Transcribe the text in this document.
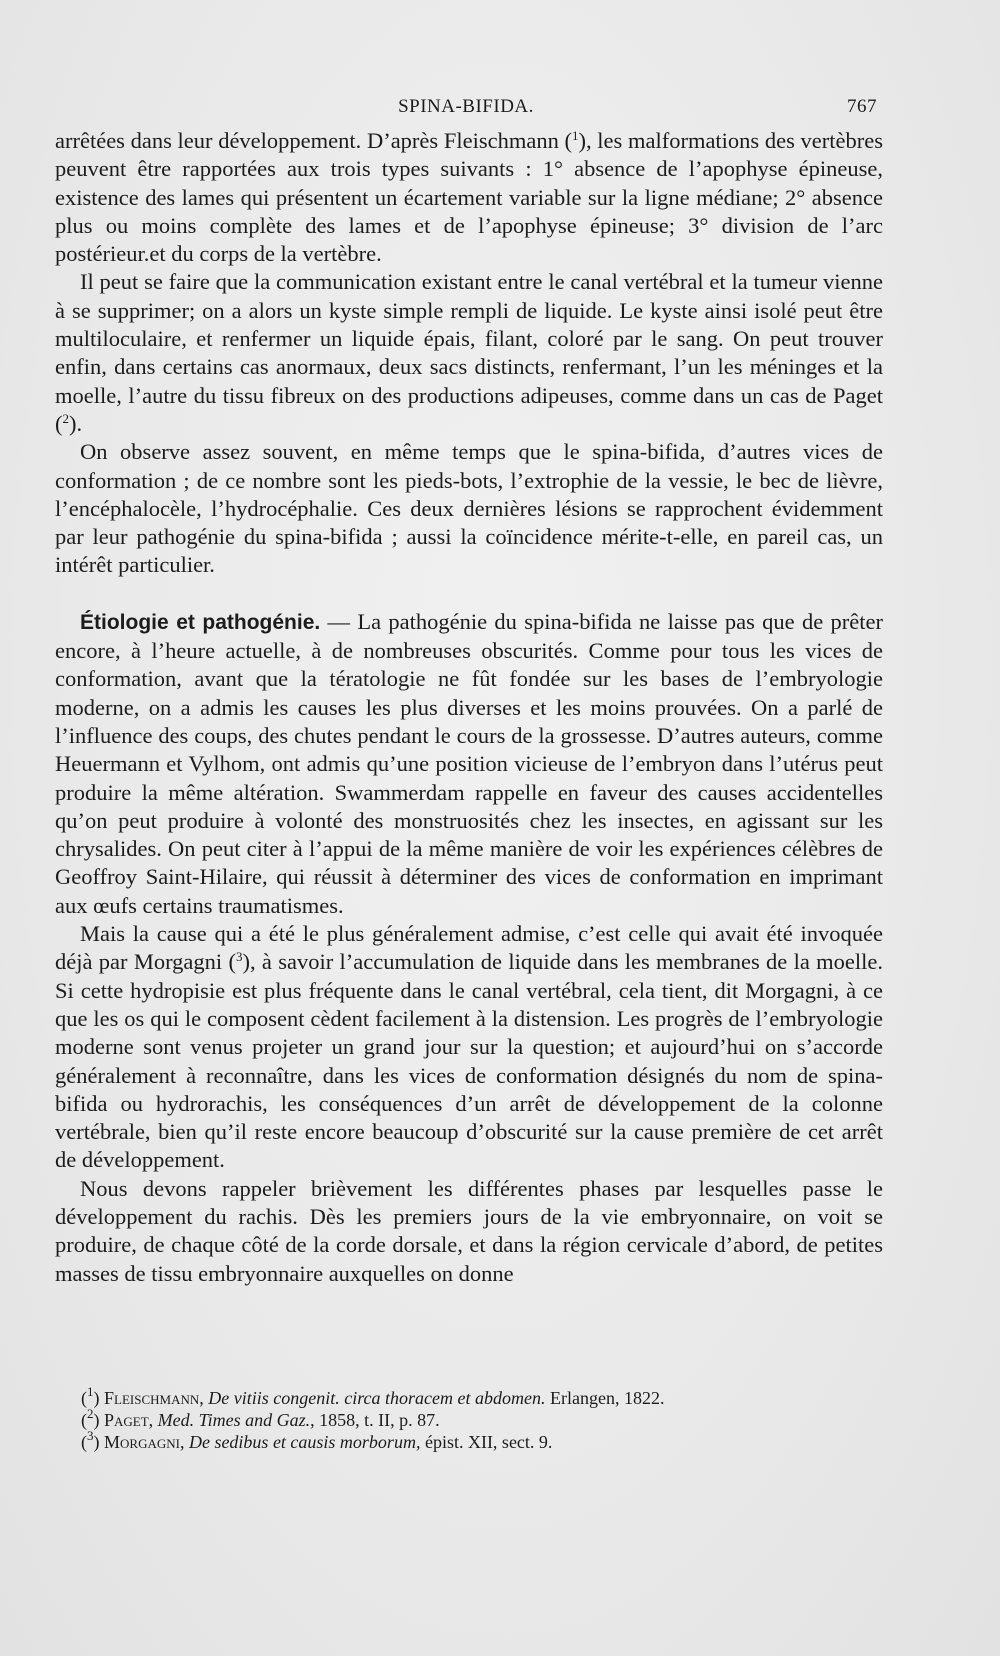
SPINA-BIFIDA.	767

arrêtées dans leur développement. D’après Fleischmann ($^1$), les malformations des vertèbres peuvent être rapportées aux trois types suivants : 1° absence de l’apophyse épineuse, existence des lames qui présentent un écartement variable sur la ligne médiane; 2° absence plus ou moins complète des lames et de l’apophyse épineuse; 3° division de l’arc postérieur.et du corps de la vertèbre.

Il peut se faire que la communication existant entre le canal vertébral et la tumeur vienne à se supprimer; on a alors un kyste simple rempli de liquide. Le kyste ainsi isolé peut être multiloculaire, et renfermer un liquide épais, filant, coloré par le sang. On peut trouver enfin, dans certains cas anormaux, deux sacs distincts, renfermant, l’un les méninges et la moelle, l’autre du tissu fibreux on des productions adipeuses, comme dans un cas de Paget ($^2$).

On observe assez souvent, en même temps que le spina-bifida, d’autres vices de conformation ; de ce nombre sont les pieds-bots, l’extrophie de la vessie, le bec de lièvre, l’encéphalocèle, l’hydrocéphalie. Ces deux dernières lésions se rapprochent évidemment par leur pathogénie du spina-bifida ; aussi la coïncidence mérite-t-elle, en pareil cas, un intérêt particulier.

Étiologie et pathogénie. — La pathogénie du spina-bifida ne laisse pas que de prêter encore, à l’heure actuelle, à de nombreuses obscurités. Comme pour tous les vices de conformation, avant que la tératologie ne fût fondée sur les bases de l’embryologie moderne, on a admis les causes les plus diverses et les moins prouvées. On a parlé de l’influence des coups, des chutes pendant le cours de la grossesse. D’autres auteurs, comme Heuermann et Vylhom, ont admis qu’une position vicieuse de l’embryon dans l’utérus peut produire la même altération. Swammerdam rappelle en faveur des causes accidentelles qu’on peut produire à volonté des monstruosités chez les insectes, en agissant sur les chrysalides. On peut citer à l’appui de la même manière de voir les expériences célèbres de Geoffroy Saint-Hilaire, qui réussit à déterminer des vices de conformation en imprimant aux œufs certains traumatismes.

Mais la cause qui a été le plus généralement admise, c’est celle qui avait été invoquée déjà par Morgagni ($^3$), à savoir l’accumulation de liquide dans les membranes de la moelle. Si cette hydropisie est plus fréquente dans le canal vertébral, cela tient, dit Morgagni, à ce que les os qui le composent cèdent facilement à la distension. Les progrès de l’embryologie moderne sont venus projeter un grand jour sur la question; et aujourd’hui on s’accorde généralement à reconnaître, dans les vices de conformation désignés du nom de spina-bifida ou hydrorachis, les conséquences d’un arrêt de développement de la colonne vertébrale, bien qu’il reste encore beaucoup d’obscurité sur la cause première de cet arrêt de développement.

Nous devons rappeler brièvement les différentes phases par lesquelles passe le développement du rachis. Dès les premiers jours de la vie embryonnaire, on voit se produire, de chaque côté de la corde dorsale, et dans la région cervicale d’abord, de petites masses de tissu embryonnaire auxquelles on donne

($^1$) Fleischmann, De vitiis congenit. circa thoracem et abdomen. Erlangen, 1822.

($^2$) Paget, Med. Times and Gaz., 1858, t. II, p. 87.

($^3$) Morgagni, De sedibus et causis morborum, épist. XII, sect. 9.
